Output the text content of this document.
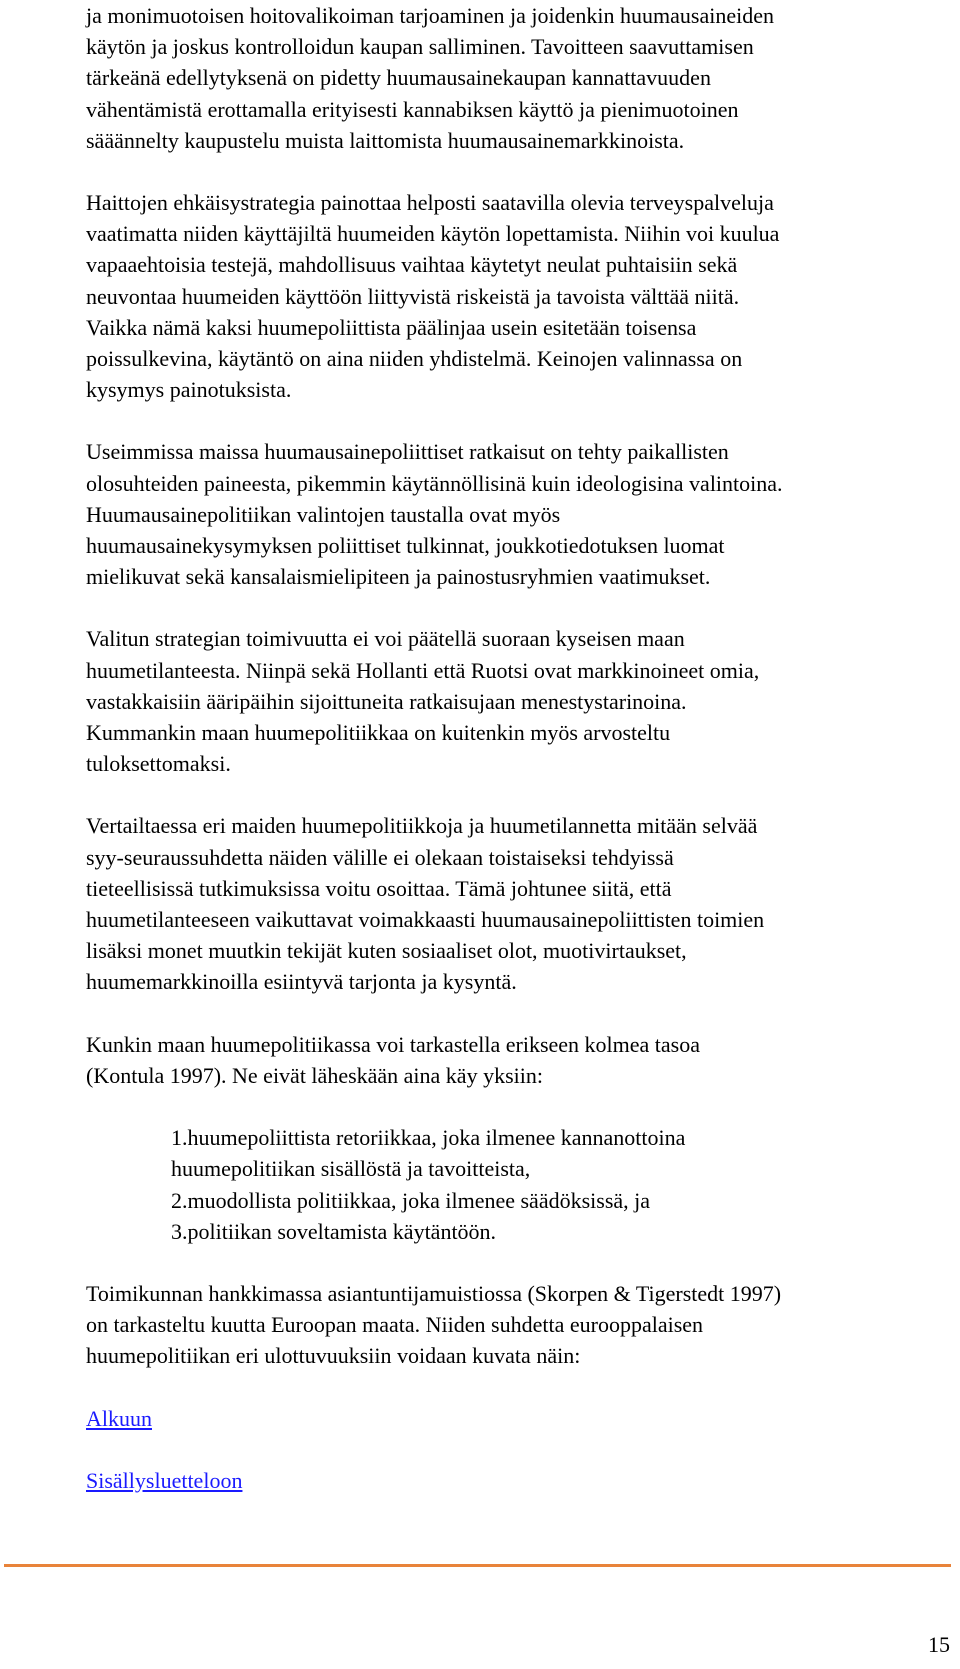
ja monimuotoisen hoitovalikoiman tarjoaminen ja joidenkin huumausaineiden
käytön ja joskus kontrolloidun kaupan salliminen. Tavoitteen saavuttamisen
tärkeänä edellytyksenä on pidetty huumausainekaupan kannattavuuden
vähentämistä erottamalla erityisesti kannabiksen käyttö ja pienimuotoinen
sääännelty kaupustelu muista laittomista huumausainemarkkinoista.

Haittojen ehkäisystrategia painottaa helposti saatavilla olevia terveyspalveluja
vaatimatta niiden käyttäjiltä huumeiden käytön lopettamista. Niihin voi kuulua
vapaaehtoisia testejä, mahdollisuus vaihtaa käytetyt neulat puhtaisiin sekä
neuvontaa huumeiden käyttöön liittyvistä riskeistä ja tavoista välttää niitä.
Vaikka nämä kaksi huumepoliittista päälinjaa usein esitetään toisensa
poissulkevina, käytäntö on aina niiden yhdistelmä. Keinojen valinnassa on
kysymys painotuksista.

Useimmissa maissa huumausainepoliittiset ratkaisut on tehty paikallisten
olosuhteiden paineesta, pikemmin käytännöllisinä kuin ideologisina valintoina.
Huumausainepolitiikan valintojen taustalla ovat myös
huumausainekysymyksen poliittiset tulkinnat, joukkotiedotuksen luomat
mielikuvat sekä kansalaismielipiteen ja painostusryhmien vaatimukset.

Valitun strategian toimivuutta ei voi päätellä suoraan kyseisen maan
huumetilanteesta. Niinpä sekä Hollanti että Ruotsi ovat markkinoineet omia,
vastakkaisiin ääripäihin sijoittuneita ratkaisujaan menestystarinoina.
Kummankin maan huumepolitiikkaa on kuitenkin myös arvosteltu
tuloksettomaksi.

Vertailtaessa eri maiden huumepolitiikkoja ja huumetilannetta mitään selvää
syy-seuraussuhdetta näiden välille ei olekaan toistaiseksi tehdyissä
tieteellisissä tutkimuksissa voitu osoittaa. Tämä johtunee siitä, että
huumetilanteeseen vaikuttavat voimakkaasti huumausainepoliittisten toimien
lisäksi monet muutkin tekijät kuten sosiaaliset olot, muotivirtaukset,
huumemarkkinoilla esiintyvä tarjonta ja kysyntä.

Kunkin maan huumepolitiikassa voi tarkastella erikseen kolmea tasoa
(Kontula 1997). Ne eivät läheskään aina käy yksiin:

1.huumepoliittista retoriikkaa, joka ilmenee kannanottoina
huumepolitiikan sisällöstä ja tavoitteista,
2.muodollista politiikkaa, joka ilmenee säädöksissä, ja
3.politiikan soveltamista käytäntöön.

Toimikunnan hankkimassa asiantuntijamuistiossa (Skorpen & Tigerstedt 1997)
on tarkasteltu kuutta Euroopan maata. Niiden suhdetta eurooppalaisen
huumepolitiikan eri ulottuvuuksiin voidaan kuvata näin:

Alkuun

Sisällysluetteloon

15
